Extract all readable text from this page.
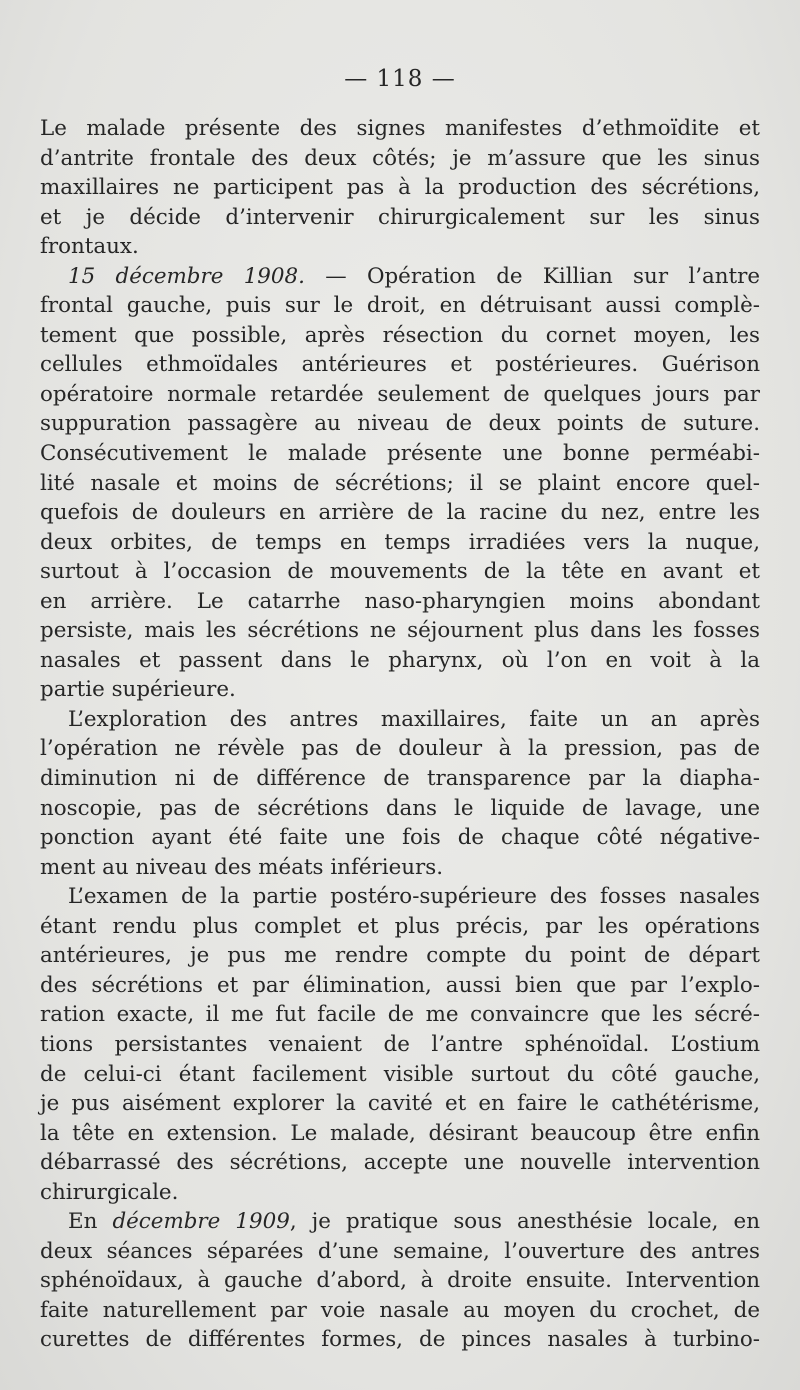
— 118 —
Le malade présente des signes manifestes d’ethmoïdite et
d’antrite frontale des deux côtés; je m’assure que les sinus
maxillaires ne participent pas à la production des sécrétions,
et je décide d’intervenir chirurgicalement sur les sinus
frontaux.
15 décembre 1908. — Opération de Killian sur l’antre
frontal gauche, puis sur le droit, en détruisant aussi complè-
tement que possible, après résection du cornet moyen, les
cellules ethmoïdales antérieures et postérieures. Guérison
opératoire normale retardée seulement de quelques jours par
suppuration passagère au niveau de deux points de suture.
Consécutivement le malade présente une bonne perméabi-
lité nasale et moins de sécrétions; il se plaint encore quel-
quefois de douleurs en arrière de la racine du nez, entre les
deux orbites, de temps en temps irradiées vers la nuque,
surtout à l’occasion de mouvements de la tête en avant et
en arrière. Le catarrhe naso-pharyngien moins abondant
persiste, mais les sécrétions ne séjournent plus dans les fosses
nasales et passent dans le pharynx, où l’on en voit à la
partie supérieure.
L’exploration des antres maxillaires, faite un an après
l’opération ne révèle pas de douleur à la pression, pas de
diminution ni de différence de transparence par la diapha-
noscopie, pas de sécrétions dans le liquide de lavage, une
ponction ayant été faite une fois de chaque côté négative-
ment au niveau des méats inférieurs.
L’examen de la partie postéro-supérieure des fosses nasales
étant rendu plus complet et plus précis, par les opérations
antérieures, je pus me rendre compte du point de départ
des sécrétions et par élimination, aussi bien que par l’explo-
ration exacte, il me fut facile de me convaincre que les sécré-
tions persistantes venaient de l’antre sphénoïdal. L’ostium
de celui-ci étant facilement visible surtout du côté gauche,
je pus aisément explorer la cavité et en faire le cathétérisme,
la tête en extension. Le malade, désirant beaucoup être enfin
débarrassé des sécrétions, accepte une nouvelle intervention
chirurgicale.
En décembre 1909, je pratique sous anesthésie locale, en
deux séances séparées d’une semaine, l’ouverture des antres
sphénoïdaux, à gauche d’abord, à droite ensuite. Intervention
faite naturellement par voie nasale au moyen du crochet, de
curettes de différentes formes, de pinces nasales à turbino-
